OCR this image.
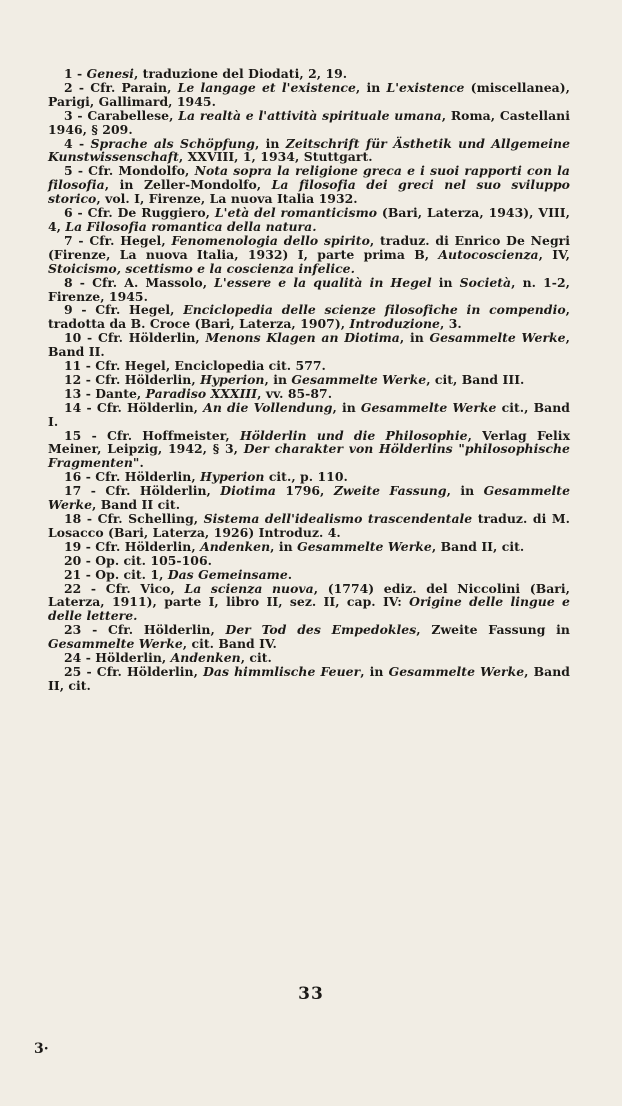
1 - Genesi, traduzione del Diodati, 2, 19.

2 - Cfr. Parain, Le langage et l'existence, in L'existence (miscellanea), Parigi, Gallimard, 1945.

3 - Carabellese, La realtà e l'attività spirituale umana, Roma, Castellani 1946, § 209.

4 - Sprache als Schöpfung, in Zeitschrift für Ästhetik und Allgemeine Kunstwissenschaft, XXVIII, 1, 1934, Stuttgart.

5 - Cfr. Mondolfo, Nota sopra la religione greca e i suoi rapporti con la filosofia, in Zeller-Mondolfo, La filosofia dei greci nel suo sviluppo storico, vol. I, Firenze, La nuova Italia 1932.

6 - Cfr. De Ruggiero, L'età del romanticismo (Bari, Laterza, 1943), VIII, 4, La Filosofia romantica della natura.

7 - Cfr. Hegel, Fenomenologia dello spirito, traduz. di Enrico De Negri (Firenze, La nuova Italia, 1932) I, parte prima B, Autocoscienza, IV, Stoicismo, scettismo e la coscienza infelice.

8 - Cfr. A. Massolo, L'essere e la qualità in Hegel in Società, n. 1-2, Firenze, 1945.

9 - Cfr. Hegel, Enciclopedia delle scienze filosofiche in compendio, tradotta da B. Croce (Bari, Laterza, 1907), Introduzione, 3.

10 - Cfr. Hölderlin, Menons Klagen an Diotima, in Gesammelte Werke, Band II.

11 - Cfr. Hegel, Enciclopedia cit. 577.

12 - Cfr. Hölderlin, Hyperion, in Gesammelte Werke, cit, Band III.

13 - Dante, Paradiso XXXIII, vv. 85-87.

14 - Cfr. Hölderlin, An die Vollendung, in Gesammelte Werke cit., Band I.

15 - Cfr. Hoffmeister, Hölderlin und die Philosophie, Verlag Felix Meiner, Leipzig, 1942, § 3, Der charakter von Hölderlins "philosophische Fragmenten".

16 - Cfr. Hölderlin, Hyperion cit., p. 110.

17 - Cfr. Hölderlin, Diotima 1796, Zweite Fassung, in Gesammelte Werke, Band II cit.

18 - Cfr. Schelling, Sistema dell'idealismo trascendentale traduz. di M. Losacco (Bari, Laterza, 1926) Introduz. 4.

19 - Cfr. Hölderlin, Andenken, in Gesammelte Werke, Band II, cit.

20 - Op. cit. 105-106.

21 - Op. cit. 1, Das Gemeinsame.

22 - Cfr. Vico, La scienza nuova, (1774) ediz. del Niccolini (Bari, Laterza, 1911), parte I, libro II, sez. II, cap. IV: Origine delle lingue e delle lettere.

23 - Cfr. Hölderlin, Der Tod des Empedokles, Zweite Fassung in Gesammelte Werke, cit. Band IV.

24 - Hölderlin, Andenken, cit.

25 - Cfr. Hölderlin, Das himmlische Feuer, in Gesammelte Werke, Band II, cit.

33
3·
